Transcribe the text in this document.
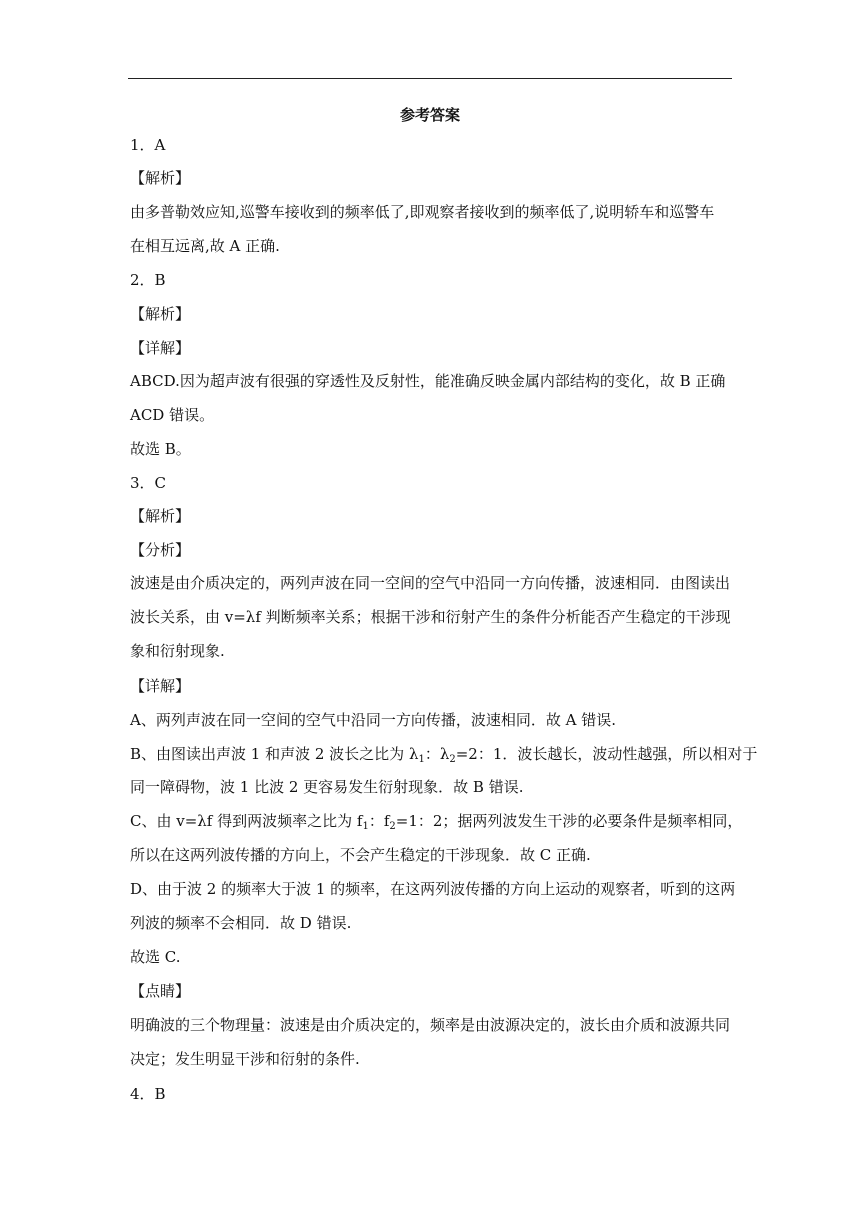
参考答案
1．A
【解析】
由多普勒效应知,巡警车接收到的频率低了,即观察者接收到的频率低了,说明轿车和巡警车
在相互远离,故 A 正确.
2．B
【解析】
【详解】
ABCD.因为超声波有很强的穿透性及反射性，能准确反映金属内部结构的变化，故 B 正确
ACD 错误。
故选 B。
3．C
【解析】
【分析】
波速是由介质决定的，两列声波在同一空间的空气中沿同一方向传播，波速相同．由图读出
波长关系，由 v=λf 判断频率关系；根据干涉和衍射产生的条件分析能否产生稳定的干涉现
象和衍射现象.
【详解】
A、两列声波在同一空间的空气中沿同一方向传播，波速相同．故 A 错误.
B、由图读出声波 1 和声波 2 波长之比为 $\lambda_1$：$\lambda_2=2$：1．波长越长，波动性越强，所以相对于
同一障碍物，波 1 比波 2 更容易发生衍射现象．故 B 错误.
C、由 v=λf 得到两波频率之比为 $f_1$：$f_2=1$：2；据两列波发生干涉的必要条件是频率相同，
所以在这两列波传播的方向上，不会产生稳定的干涉现象．故 C 正确.
D、由于波 2 的频率大于波 1 的频率，在这两列波传播的方向上运动的观察者，听到的这两
列波的频率不会相同．故 D 错误.
故选 C.
【点睛】
明确波的三个物理量：波速是由介质决定的，频率是由波源决定的，波长由介质和波源共同
决定；发生明显干涉和衍射的条件.
4．B
